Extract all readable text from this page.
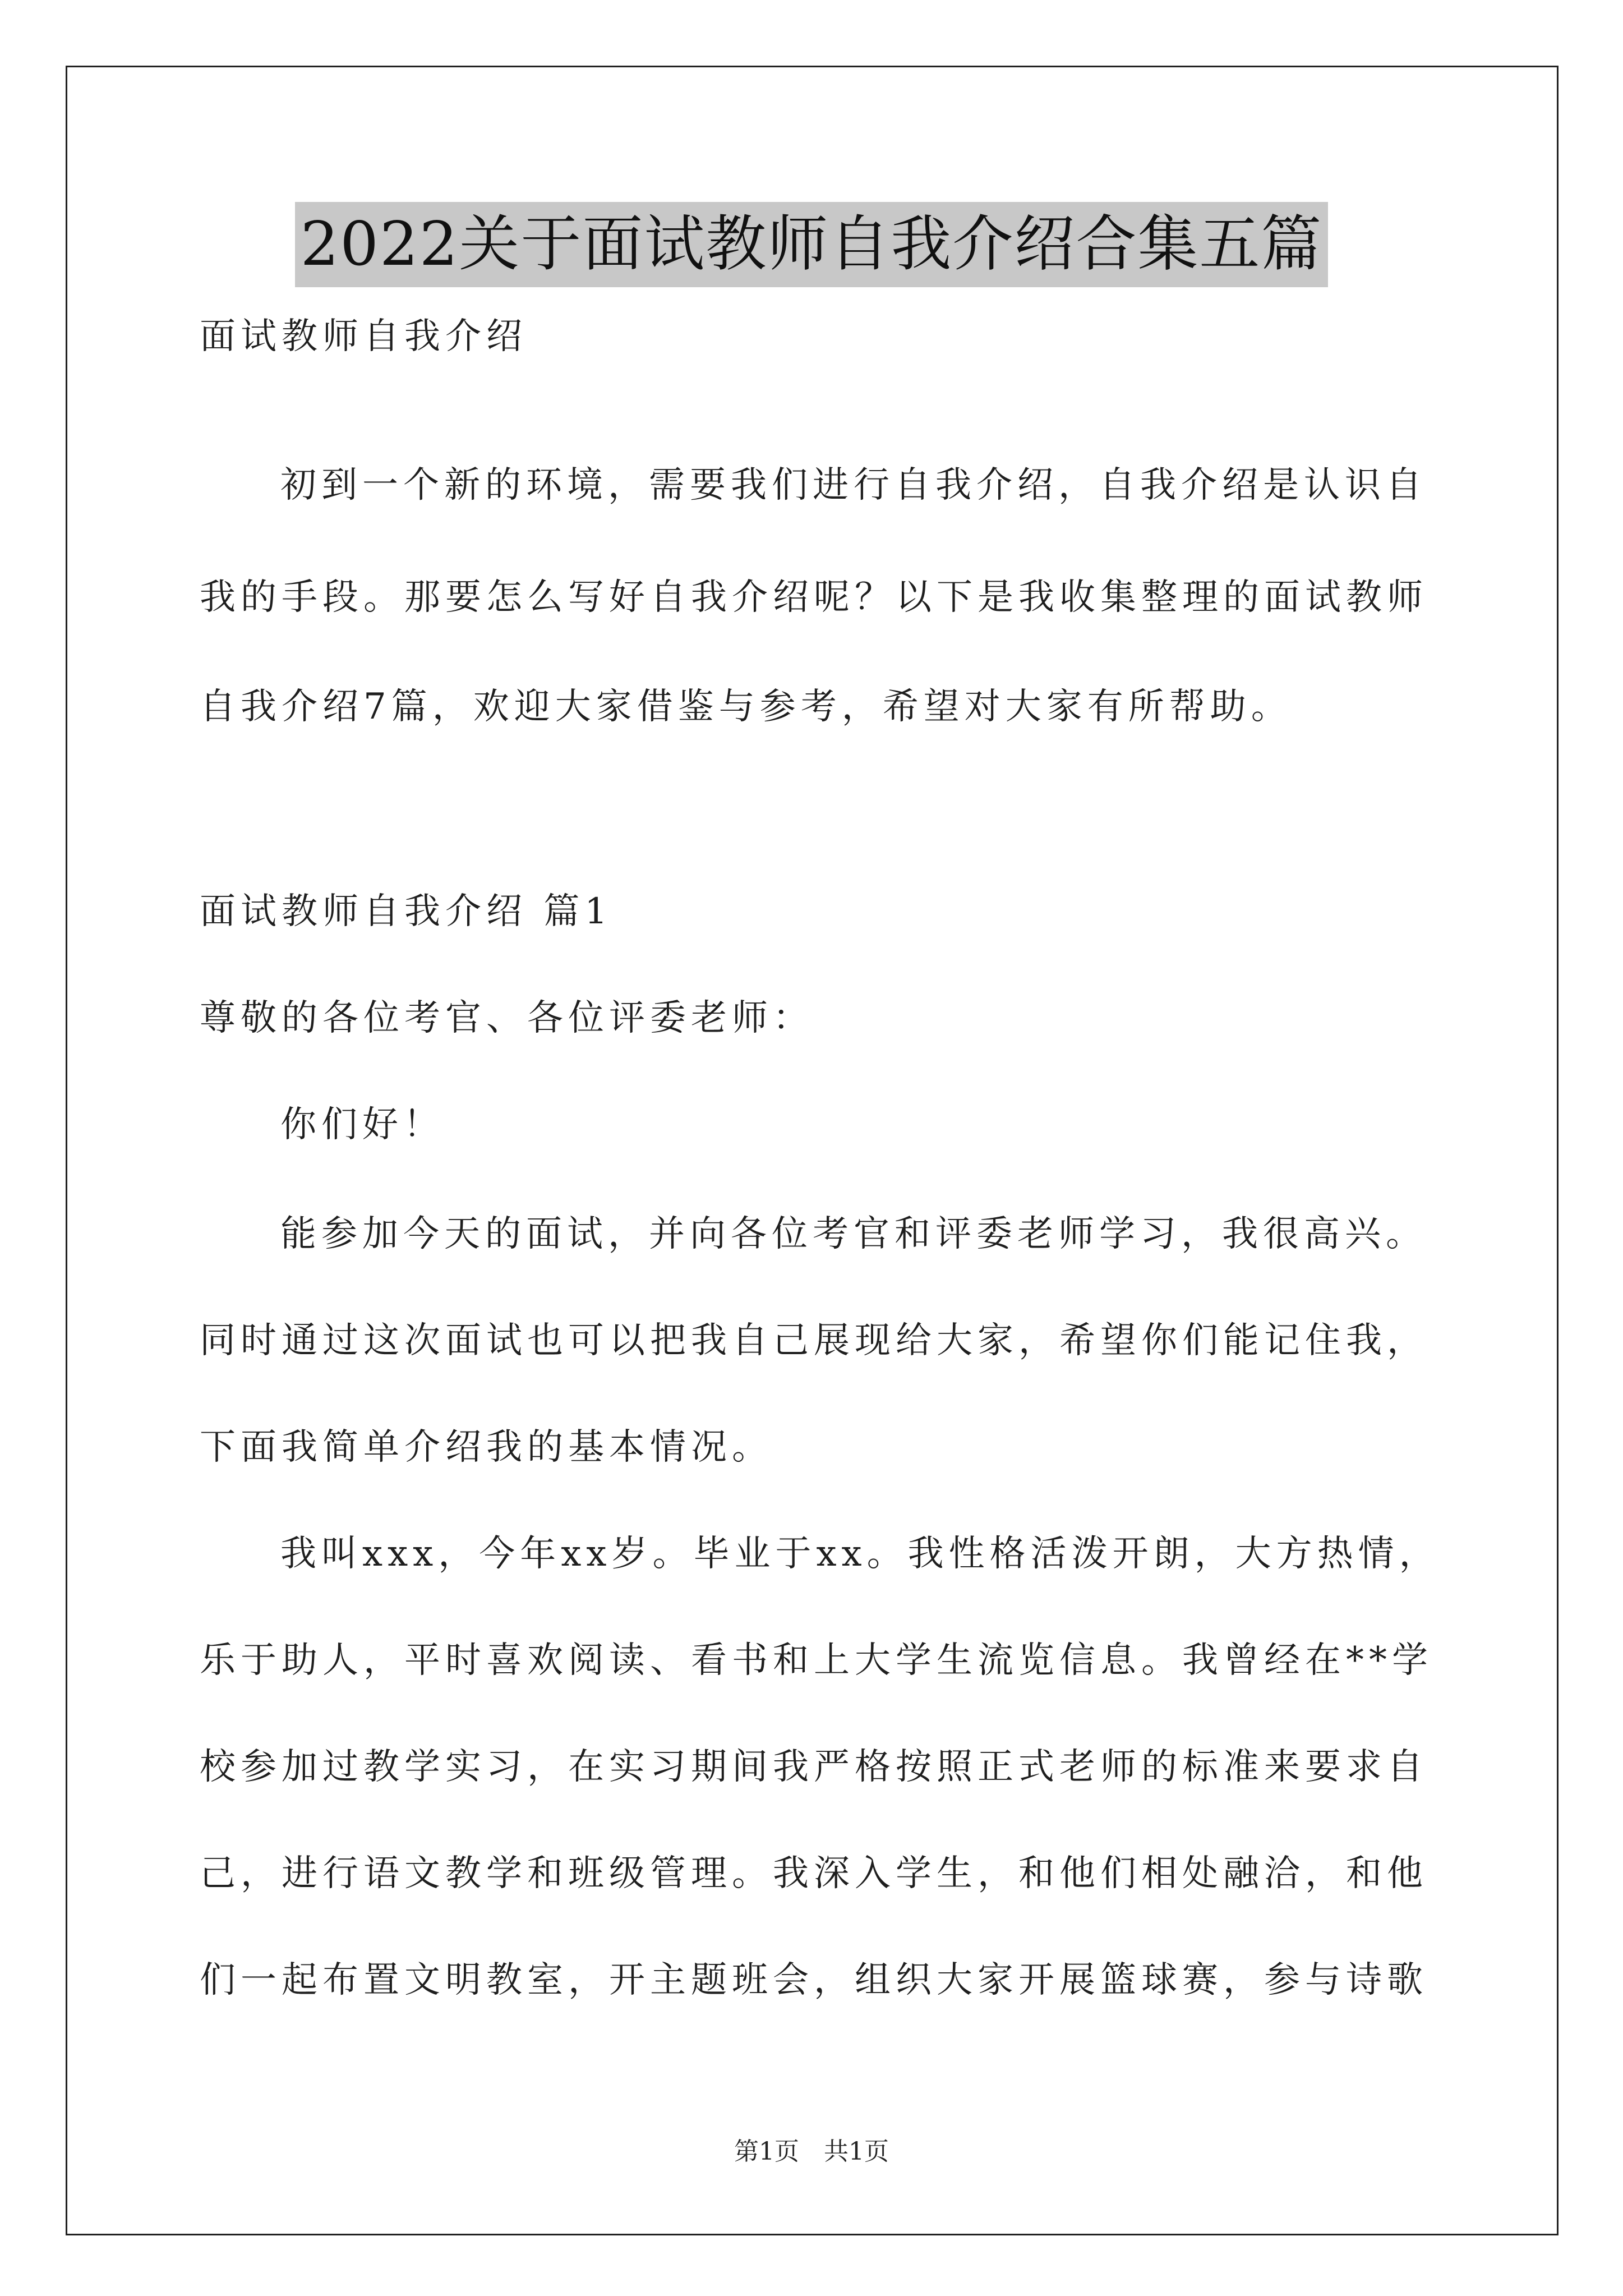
2022关于面试教师自我介绍合集五篇
面试教师自我介绍
初到一个新的环境，需要我们进行自我介绍，自我介绍是认识自
我的手段。那要怎么写好自我介绍呢？以下是我收集整理的面试教师
自我介绍7篇，欢迎大家借鉴与参考，希望对大家有所帮助。
面试教师自我介绍 篇1
尊敬的各位考官、各位评委老师：
你们好！
能参加今天的面试，并向各位考官和评委老师学习，我很高兴。
同时通过这次面试也可以把我自己展现给大家，希望你们能记住我，
下面我简单介绍我的基本情况。
我叫xxx，今年xx岁。毕业于xx。我性格活泼开朗，大方热情，
乐于助人，平时喜欢阅读、看书和上大学生流览信息。我曾经在**学
校参加过教学实习，在实习期间我严格按照正式老师的标准来要求自
己，进行语文教学和班级管理。我深入学生，和他们相处融洽，和他
们一起布置文明教室，开主题班会，组织大家开展篮球赛，参与诗歌
第1页　共1页
